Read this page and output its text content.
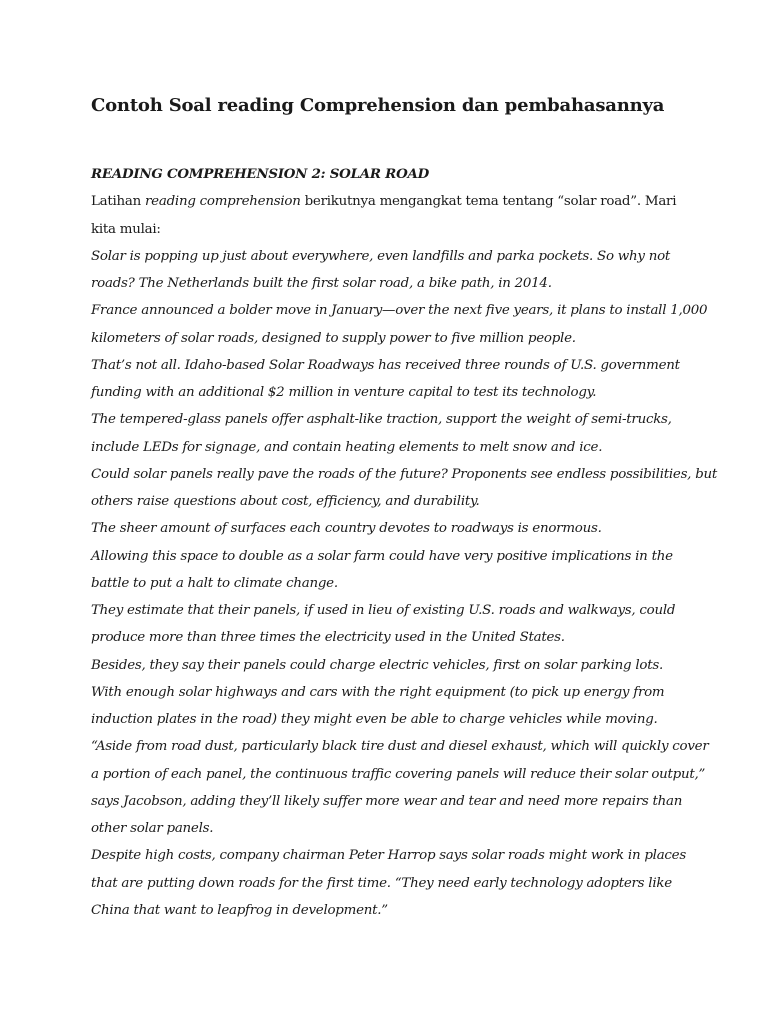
Contoh Soal reading Comprehension dan pembahasannya
READING COMPREHENSION 2: SOLAR ROAD
Latihan reading comprehension berikutnya mengangkat tema tentang “solar road”. Mari
kita mulai:
Solar is popping up just about everywhere, even landfills and parka pockets. So why not
roads? The Netherlands built the first solar road, a bike path, in 2014.
France announced a bolder move in January—over the next five years, it plans to install 1,000
kilometers of solar roads, designed to supply power to five million people.
That’s not all. Idaho-based Solar Roadways has received three rounds of U.S. government
funding with an additional $2 million in venture capital to test its technology.
The tempered-glass panels offer asphalt-like traction, support the weight of semi-trucks,
include LEDs for signage, and contain heating elements to melt snow and ice.
Could solar panels really pave the roads of the future? Proponents see endless possibilities, but
others raise questions about cost, efficiency, and durability.
The sheer amount of surfaces each country devotes to roadways is enormous.
Allowing this space to double as a solar farm could have very positive implications in the
battle to put a halt to climate change.
They estimate that their panels, if used in lieu of existing U.S. roads and walkways, could
produce more than three times the electricity used in the United States.
Besides, they say their panels could charge electric vehicles, first on solar parking lots.
With enough solar highways and cars with the right equipment (to pick up energy from
induction plates in the road) they might even be able to charge vehicles while moving.
“Aside from road dust, particularly black tire dust and diesel exhaust, which will quickly cover
a portion of each panel, the continuous traffic covering panels will reduce their solar output,”
says Jacobson, adding they’ll likely suffer more wear and tear and need more repairs than
other solar panels.
Despite high costs, company chairman Peter Harrop says solar roads might work in places
that are putting down roads for the first time. “They need early technology adopters like
China that want to leapfrog in development.”
